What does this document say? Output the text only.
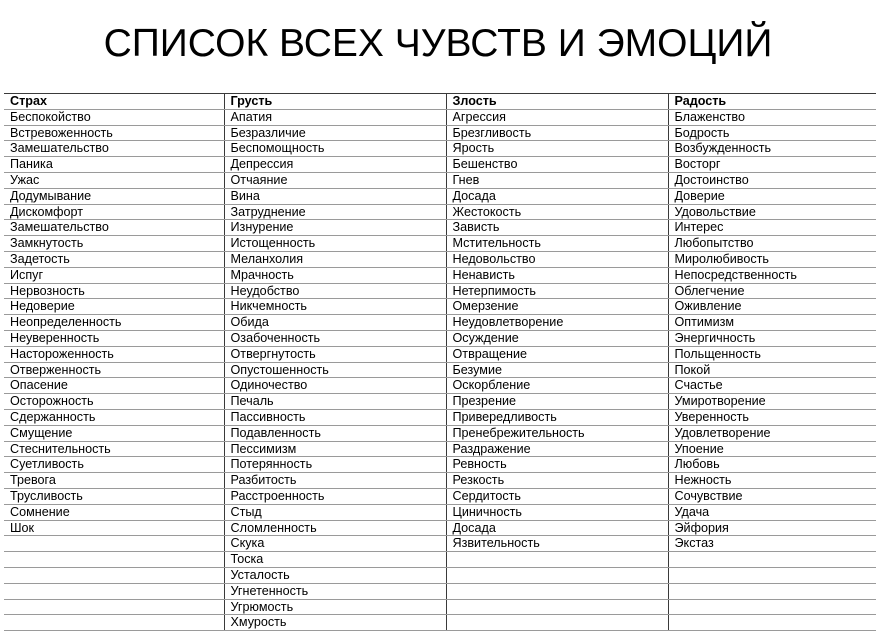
СПИСОК ВСЕХ ЧУВСТВ И ЭМОЦИЙ
Страх	Грусть	Злость	Радость
Беспокойство	Апатия	Агрессия	Блаженство
Встревоженность	Безразличие	Брезгливость	Бодрость
Замешательство	Беспомощность	Ярость	Возбужденность
Паника	Депрессия	Бешенство	Восторг
Ужас	Отчаяние	Гнев	Достоинство
Додумывание	Вина	Досада	Доверие
Дискомфорт	Затруднение	Жестокость	Удовольствие
Замешательство	Изнурение	Зависть	Интерес
Замкнутость	Истощенность	Мстительность	Любопытство
Задетость	Меланхолия	Недовольство	Миролюбивость
Испуг	Мрачность	Ненависть	Непосредственность
Нервозность	Неудобство	Нетерпимость	Облегчение
Недоверие	Никчемность	Омерзение	Оживление
Неопределенность	Обида	Неудовлетворение	Оптимизм
Неуверенность	Озабоченность	Осуждение	Энергичность
Настороженность	Отвергнутость	Отвращение	Польщенность
Отверженность	Опустошенность	Безумие	Покой
Опасение	Одиночество	Оскорбление	Счастье
Осторожность	Печаль	Презрение	Умиротворение
Сдержанность	Пассивность	Привередливость	Уверенность
Смущение	Подавленность	Пренебрежительность	Удовлетворение
Стеснительность	Пессимизм	Раздражение	Упоение
Суетливость	Потерянность	Ревность	Любовь
Тревога	Разбитость	Резкость	Нежность
Трусливость	Расстроенность	Сердитость	Сочувствие
Сомнение	Стыд	Циничность	Удача
Шок	Сломленность	Досада	Эйфория
	Скука	Язвительность	Экстаз
	Тоска		
	Усталость		
	Угнетенность		
	Угрюмость		
	Хмурость		
